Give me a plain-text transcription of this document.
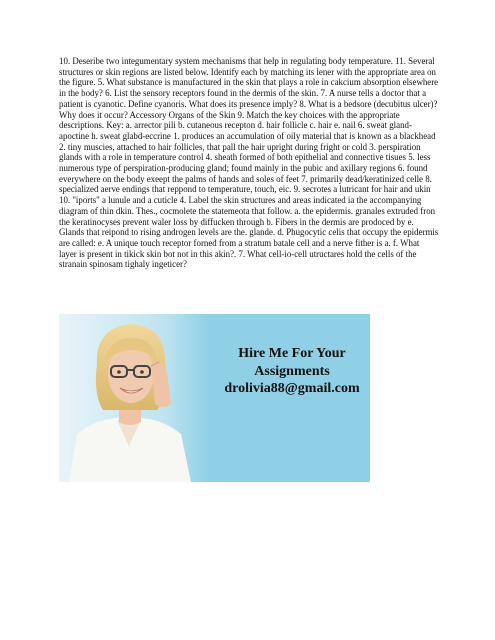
10. Deseribe two integumentary system mechanisms that help in regulating body temperature. 11. Several structures or skin regions are listed below. Identify each by matching its lener with the appropriate area on the figure. 5. What substance is manufactured in the skin that plays a role in cakcium absorption elsewhere in the body? 6. List the sensory receptors found in the dermis of the skin. 7. A nurse tells a doctor that a patient is cyanotic. Define cyanoris. What does its presence imply? 8. What is a bedsore (decubitus ulcer)? Why does it occur? Accessory Organs of the Skin 9. Match the key choices with the appropriate descriptions. Key: a. arrector pili b. cutaneous recepton d. hair follicle c. hair e. nail 6. sweat gland-apoctine h. sweat glabd-eccrine 1. produces an accumulation of oily material that is known as a blackhead 2. tiny muscies, attached to hair follicles, that pall the hair upright during fright or cold 3. perspiration glands with a role in temperature control 4. sheath formed of both epithelial and connective tisues 5. less numerous type of perspiration-producing gland; found mainly in the pubic and axillary regions 6. found everywhere on the body exeept the palms of hands and soles of feet 7. primarily dead/keratinized celle 8. specialized aerve endings that reppond to temperature, touch, eic. 9. secrotes a lutricant for hair and ukin 10. "iports" a lunule and a cuticle 4. Label the skin structures and areas indicated ia the accompanying diagram of thin dkin. Thes., cocmolete the statemeota that follow. a. the epidermis. granales extruded fron the keratinocyses prevent waler loss by diffucken through b. Fibers in the dermis are prodoced by e. Glands that reipond to rising androgen levels are the. glande. d. Phugocytic celis that occupy the epidermis are called: e. A unique touch receptor forned from a stratum batale cell and a nerve fither is a. f. What layer is present in tikick skin bot not in this akin?. 7. What cell-io-cell utructares hold the cells of the stranain spinosam tighaly ingeticer?

Hire Me For Your
Assignments
drolivia88@gmail.com
